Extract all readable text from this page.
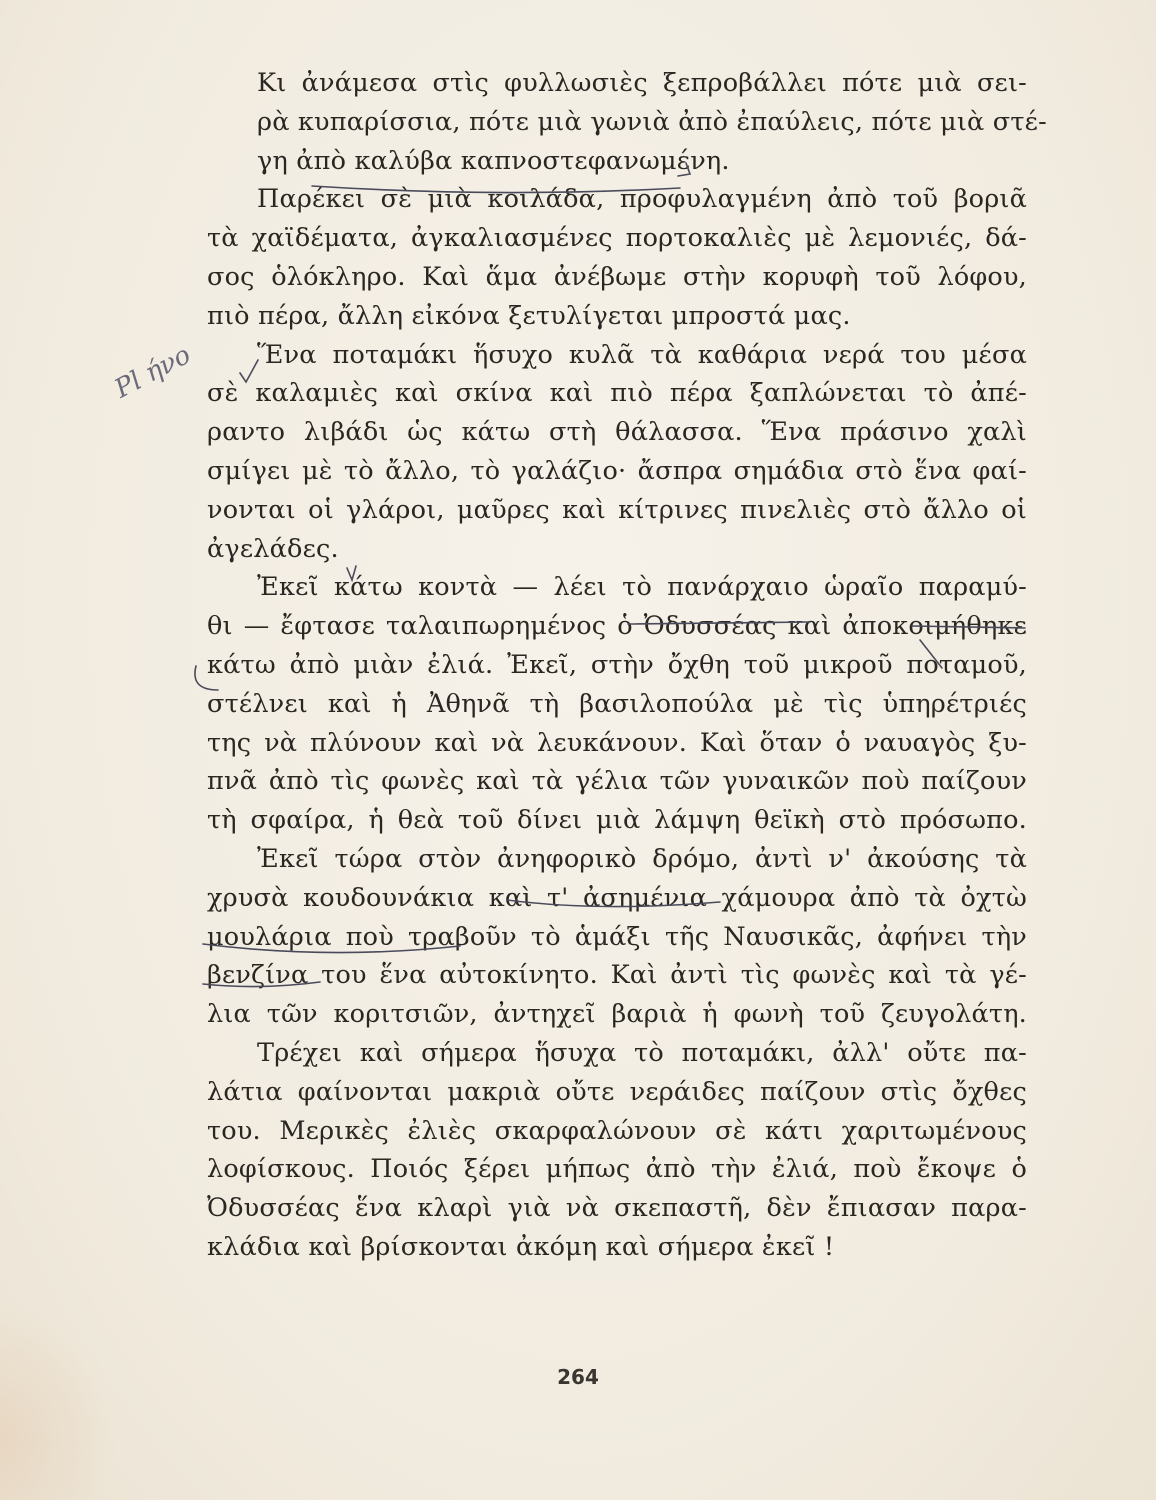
Κι ἀνάμεσα στὶς φυλλωσιὲς ξεπροβάλλει πότε μιὰ σει-
ρὰ κυπαρίσσια, πότε μιὰ γωνιὰ ἀπὸ ἐπαύλεις, πότε μιὰ στέ-
γη ἀπὸ καλύβα καπνοστεφανωμένη.
Παρέκει σὲ μιὰ κοιλάδα, προφυλαγμένη ἀπὸ τοῦ βοριᾶ
τὰ χαϊδέματα, ἀγκαλιασμένες πορτοκαλιὲς μὲ λεμονιές, δά-
σος ὁλόκληρο. Καὶ ἅμα ἀνέβωμε στὴν κορυφὴ τοῦ λόφου,
πιὸ πέρα, ἄλλη εἰκόνα ξετυλίγεται μπροστά μας.
Ἕνα ποταμάκι ἥσυχο κυλᾶ τὰ καθάρια νερά του μέσα
σὲ καλαμιὲς καὶ σκίνα καὶ πιὸ πέρα ξαπλώνεται τὸ ἀπέ-
ραντο λιβάδι ὡς κάτω στὴ θάλασσα. Ἕνα πράσινο χαλὶ
σμίγει μὲ τὸ ἄλλο, τὸ γαλάζιο· ἄσπρα σημάδια στὸ ἕνα φαί-
νονται οἱ γλάροι, μαῦρες καὶ κίτρινες πινελιὲς στὸ ἄλλο οἱ
ἀγελάδες.
Ἐκεῖ κάτω κοντὰ — λέει τὸ πανάρχαιο ὡραῖο παραμύ-
θι — ἔφτασε ταλαιπωρημένος ὁ Ὀδυσσέας καὶ ἀποκοιμήθηκε
κάτω ἀπὸ μιὰν ἐλιά. Ἐκεῖ, στὴν ὄχθη τοῦ μικροῦ ποταμοῦ,
στέλνει καὶ ἡ Ἀθηνᾶ τὴ βασιλοπούλα μὲ τὶς ὑπηρέτριές
της νὰ πλύνουν καὶ νὰ λευκάνουν. Καὶ ὅταν ὁ ναυαγὸς ξυ-
πνᾶ ἀπὸ τὶς φωνὲς καὶ τὰ γέλια τῶν γυναικῶν ποὺ παίζουν
τὴ σφαίρα, ἡ θεὰ τοῦ δίνει μιὰ λάμψη θεϊκὴ στὸ πρόσωπο.
Ἐκεῖ τώρα στὸν ἀνηφορικὸ δρόμο, ἀντὶ ν' ἀκούσης τὰ
χρυσὰ κουδουνάκια καὶ τ' ἀσημένια χάμουρα ἀπὸ τὰ ὀχτὼ
μουλάρια ποὺ τραβοῦν τὸ ἁμάξι τῆς Ναυσικᾶς, ἀφήνει τὴν
βενζίνα του ἕνα αὐτοκίνητο. Καὶ ἀντὶ τὶς φωνὲς καὶ τὰ γέ-
λια τῶν κοριτσιῶν, ἀντηχεῖ βαριὰ ἡ φωνὴ τοῦ ζευγολάτη.
Τρέχει καὶ σήμερα ἥσυχα τὸ ποταμάκι, ἀλλ' οὔτε πα-
λάτια φαίνονται μακριὰ οὔτε νεράιδες παίζουν στὶς ὄχθες
του. Μερικὲς ἐλιὲς σκαρφαλώνουν σὲ κάτι χαριτωμένους
λοφίσκους. Ποιός ξέρει μήπως ἀπὸ τὴν ἐλιά, ποὺ ἔκοψε ὁ
Ὀδυσσέας ἕνα κλαρὶ γιὰ νὰ σκεπαστῆ, δὲν ἔπιασαν παρα-
κλάδια καὶ βρίσκονται ἀκόμη καὶ σήμερα ἐκεῖ !
Pl ήνο
264
